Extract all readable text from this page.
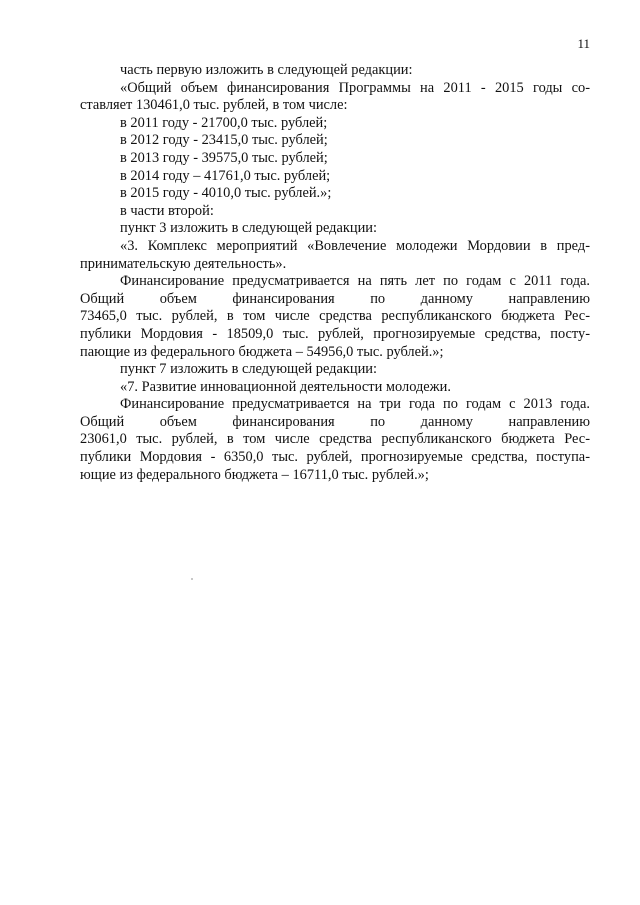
11
часть первую изложить в следующей редакции:
«Общий объем финансирования Программы на 2011 - 2015 годы со-
ставляет 130461,0 тыс. рублей, в том числе:
в 2011 году - 21700,0 тыс. рублей;
в 2012 году - 23415,0 тыс. рублей;
в 2013 году - 39575,0 тыс. рублей;
в 2014 году – 41761,0 тыс. рублей;
в 2015 году - 4010,0 тыс. рублей.»;
в части второй:
пункт 3 изложить в следующей редакции:
«3. Комплекс мероприятий «Вовлечение молодежи Мордовии в пред-
принимательскую деятельность».
Финансирование предусматривается на пять лет по годам с 2011 года.
Общий объем финансирования по данному направлению
73465,0 тыс. рублей, в том числе средства республиканского бюджета Рес-
публики Мордовия - 18509,0 тыс. рублей, прогнозируемые средства, посту-
пающие из федерального бюджета – 54956,0 тыс. рублей.»;
пункт 7 изложить в следующей редакции:
«7. Развитие инновационной деятельности молодежи.
Финансирование предусматривается на три года по годам с 2013 года.
Общий объем финансирования по данному направлению
23061,0 тыс. рублей, в том числе средства республиканского бюджета Рес-
публики Мордовия - 6350,0 тыс. рублей, прогнозируемые средства, поступа-
ющие из федерального бюджета – 16711,0 тыс. рублей.»;
